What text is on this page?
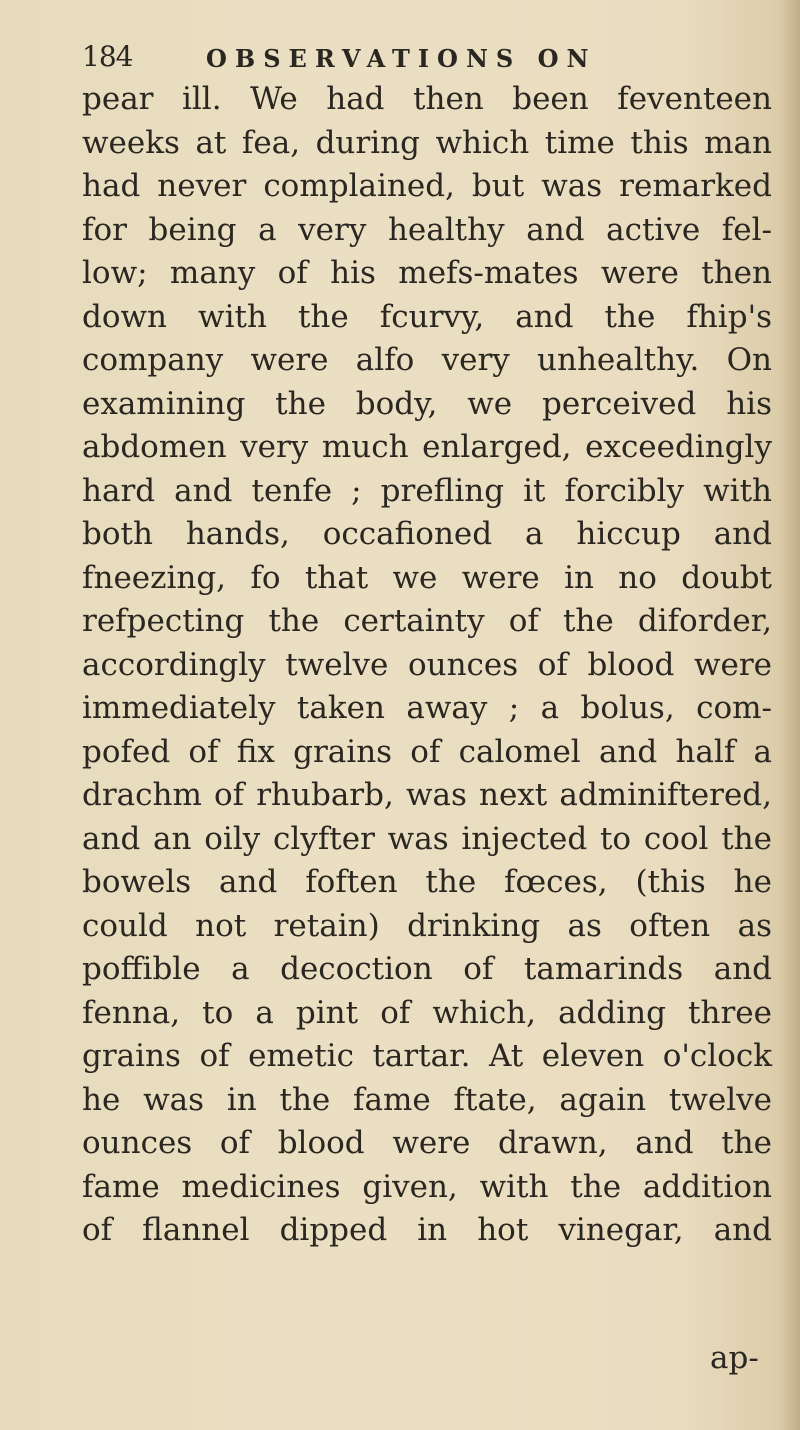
184	OBSERVATIONS ON
pear ill. We had then been feventeen
weeks at fea, during which time this man
had never complained, but was remarked
for being a very healthy and active fel-
low; many of his mefs-mates were then
down with the fcurvy, and the fhip's
company were alfo very unhealthy. On
examining the body, we perceived his
abdomen very much enlarged, exceedingly
hard and tenfe ; prefling it forcibly with
both hands, occafioned a hiccup and
fneezing, fo that we were in no doubt
refpecting the certainty of the diforder,
accordingly twelve ounces of blood were
immediately taken away ; a bolus, com-
pofed of fix grains of calomel and half a
drachm of rhubarb, was next adminiftered,
and an oily clyfter was injected to cool the
bowels and foften the fœces, (this he
could not retain) drinking as often as
poffible a decoction of tamarinds and
fenna, to a pint of which, adding three
grains of emetic tartar. At eleven o'clock
he was in the fame ftate, again twelve
ounces of blood were drawn, and the
fame medicines given, with the addition
of flannel dipped in hot vinegar, and
ap-
